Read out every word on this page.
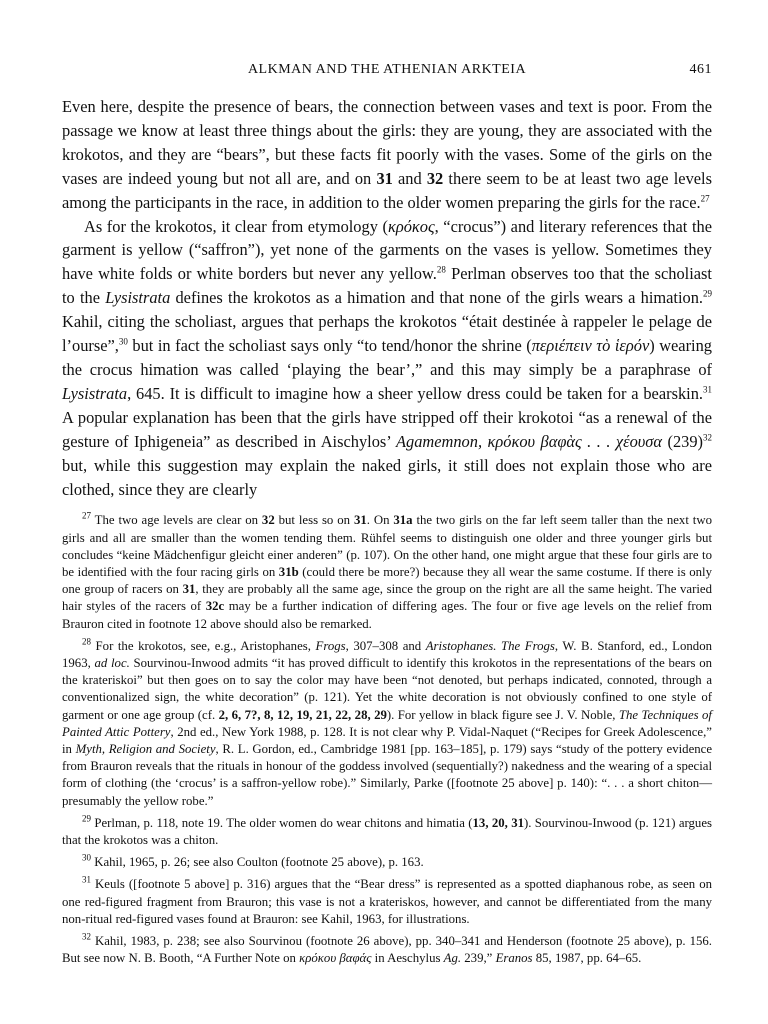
ALKMAN AND THE ATHENIAN ARKTEIA	461

Even here, despite the presence of bears, the connection between vases and text is poor. From the passage we know at least three things about the girls: they are young, they are associated with the krokotos, and they are “bears”, but these facts fit poorly with the vases. Some of the girls on the vases are indeed young but not all are, and on 31 and 32 there seem to be at least two age levels among the participants in the race, in addition to the older women preparing the girls for the race.$^{27}$

As for the krokotos, it clear from etymology (κρόκος, “crocus”) and literary references that the garment is yellow (“saffron”), yet none of the garments on the vases is yellow. Sometimes they have white folds or white borders but never any yellow.$^{28}$ Perlman observes too that the scholiast to the Lysistrata defines the krokotos as a himation and that none of the girls wears a himation.$^{29}$ Kahil, citing the scholiast, argues that perhaps the krokotos “était destinée à rappeler le pelage de l’ourse”,$^{30}$ but in fact the scholiast says only “to tend/honor the shrine (περιέπειν τὸ ἱερόν) wearing the crocus himation was called ‘playing the bear’,” and this may simply be a paraphrase of Lysistrata, 645. It is difficult to imagine how a sheer yellow dress could be taken for a bearskin.$^{31}$ A popular explanation has been that the girls have stripped off their krokotoi “as a renewal of the gesture of Iphigeneia” as described in Aischylos’ Agamemnon, κρόκου βαφὰς . . . χέουσα $(239)^{32}$ but, while this suggestion may explain the naked girls, it still does not explain those who are clothed, since they are clearly

$^{27}$ The two age levels are clear on 32 but less so on 31. On 31a the two girls on the far left seem taller than the next two girls and all are smaller than the women tending them. Rühfel seems to distinguish one older and three younger girls but concludes “keine Mädchenfigur gleicht einer anderen” (p. 107). On the other hand, one might argue that these four girls are to be identified with the four racing girls on 31b (could there be more?) because they all wear the same costume. If there is only one group of racers on 31, they are probably all the same age, since the group on the right are all the same height. The varied hair styles of the racers of 32c may be a further indication of differing ages. The four or five age levels on the relief from Brauron cited in footnote 12 above should also be remarked.

$^{28}$ For the krokotos, see, e.g., Aristophanes, Frogs, 307–308 and Aristophanes. The Frogs, W. B. Stanford, ed., London 1963, ad loc. Sourvinou-Inwood admits “it has proved difficult to identify this krokotos in the representations of the bears on the krateriskoi” but then goes on to say the color may have been “not denoted, but perhaps indicated, connoted, through a conventionalized sign, the white decoration” (p. 121). Yet the white decoration is not obviously confined to one style of garment or one age group (cf. 2, 6, 7?, 8, 12, 19, 21, 22, 28, 29). For yellow in black figure see J. V. Noble, The Techniques of Painted Attic Pottery, 2nd ed., New York 1988, p. 128. It is not clear why P. Vidal-Naquet (“Recipes for Greek Adolescence,” in Myth, Religion and Society, R. L. Gordon, ed., Cambridge 1981 [pp. 163–185], p. 179) says “study of the pottery evidence from Brauron reveals that the rituals in honour of the goddess involved (sequentially?) nakedness and the wearing of a special form of clothing (the ‘crocus’ is a saffron-yellow robe).” Similarly, Parke ([footnote 25 above] p. 140): “. . . a short chiton—presumably the yellow robe.”

$^{29}$ Perlman, p. 118, note 19. The older women do wear chitons and himatia (13, 20, 31). Sourvinou-Inwood (p. 121) argues that the krokotos was a chiton.

$^{30}$ Kahil, 1965, p. 26; see also Coulton (footnote 25 above), p. 163.

$^{31}$ Keuls ([footnote 5 above] p. 316) argues that the “Bear dress” is represented as a spotted diaphanous robe, as seen on one red-figured fragment from Brauron; this vase is not a krateriskos, however, and cannot be differentiated from the many non-ritual red-figured vases found at Brauron: see Kahil, 1963, for illustrations.

$^{32}$ Kahil, 1983, p. 238; see also Sourvinou (footnote 26 above), pp. 340–341 and Henderson (footnote 25 above), p. 156. But see now N. B. Booth, “A Further Note on κρόκου βαφάς in Aeschylus Ag. 239,” Eranos 85, 1987, pp. 64–65.
